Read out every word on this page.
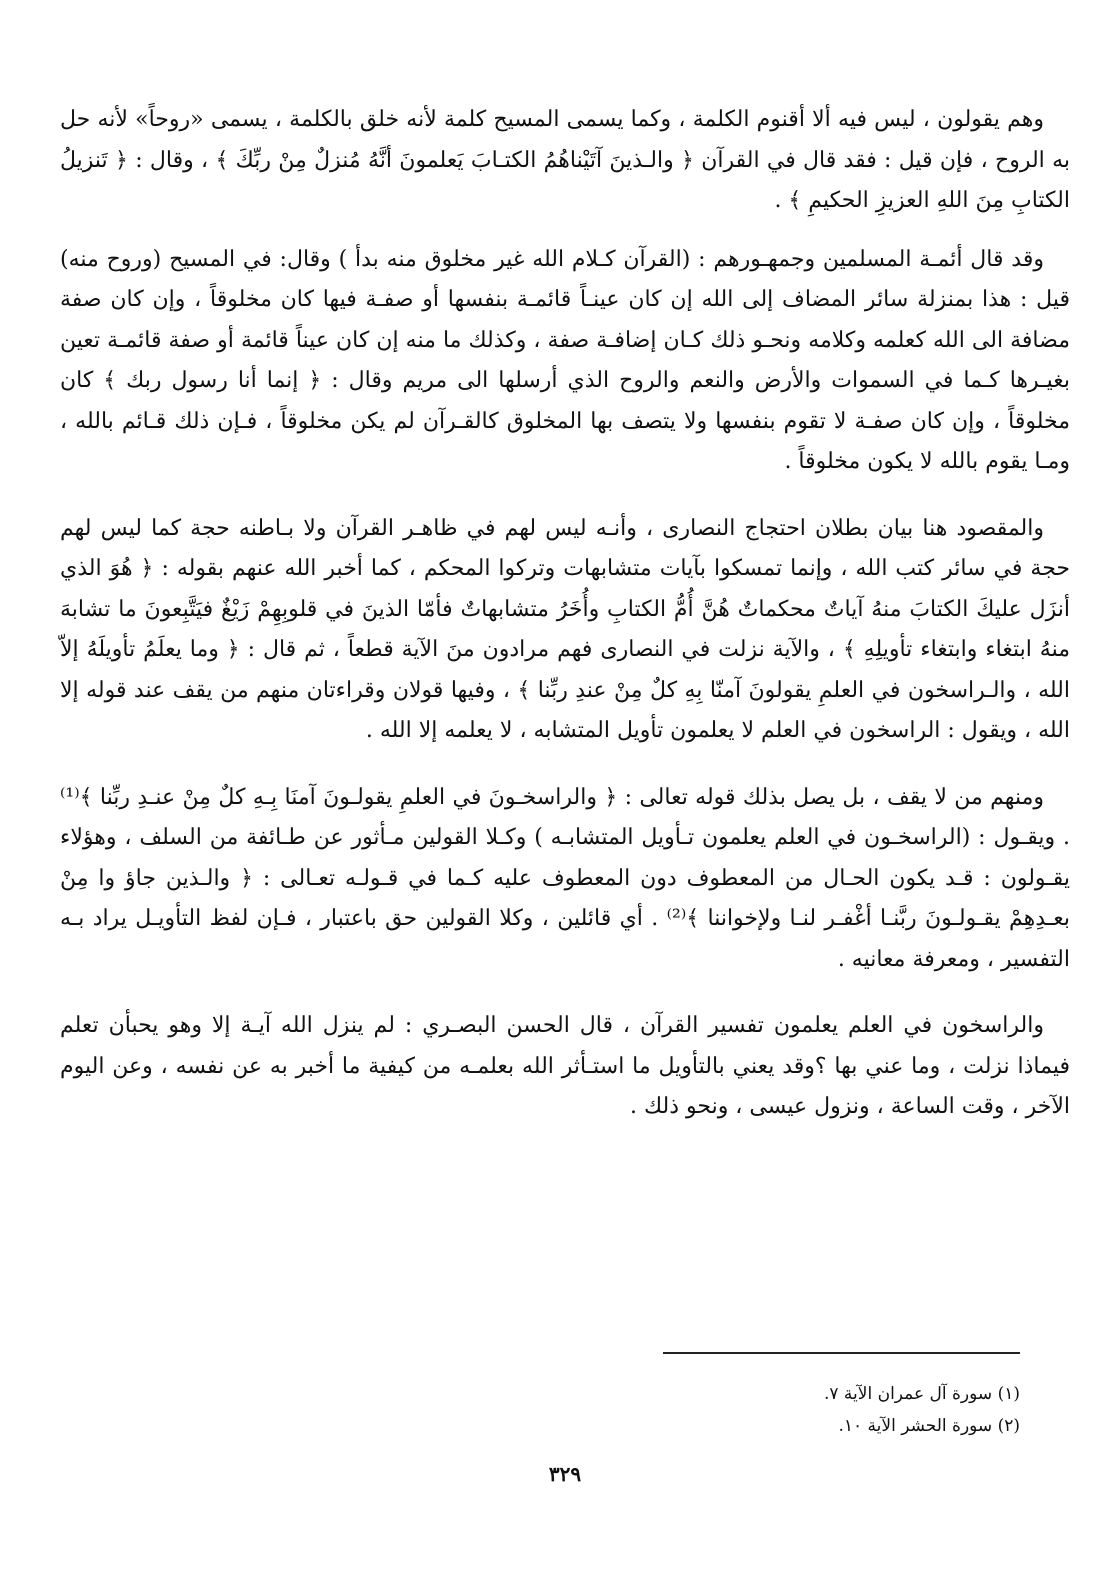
وهم يقولون ، ليس فيه ألا أقنوم الكلمة ، وكما يسمى المسيح كلمة لأنه خلق بالكلمة ، يسمى «روحاً» لأنه حل به الروح ، فإن قيل : فقد قال في القرآن ﴿ والـذينَ آتَيْناهُمُ الكتـابَ يَعلمونَ أنَّهُ مُنزلٌ مِنْ ربِّكَ ﴾ ، وقال : ﴿ تَنزيلُ الكتابِ مِنَ اللهِ العزيزِ الحكيمِ ﴾ .

وقد قال أئمـة المسلمين وجمهـورهم : (القرآن كـلام الله غير مخلوق منه بدأ ) وقال: في المسيح (وروح منه) قيل : هذا بمنزلة سائر المضاف إلى الله إن كان عينـاً قائمـة بنفسها أو صفـة فيها كان مخلوقاً ، وإن كان صفة مضافة الى الله كعلمه وكلامه ونحـو ذلك كـان إضافـة صفة ، وكذلك ما منه إن كان عيناً قائمة أو صفة قائمـة تعين بغيـرها كـما في السموات والأرض والنعم والروح الذي أرسلها الى مريم وقال : ﴿ إنما أنا رسول ربك ﴾ كان مخلوقاً ، وإن كان صفـة لا تقوم بنفسها ولا يتصف بها المخلوق كالقـرآن لم يكن مخلوقاً ، فـإن ذلك قـائم بالله ، ومـا يقوم بالله لا يكون مخلوقاً .

والمقصود هنا بيان بطلان احتجاج النصارى ، وأنـه ليس لهم في ظاهـر القرآن ولا بـاطنه حجة كما ليس لهم حجة في سائر كتب الله ، وإنما تمسكوا بآيات متشابهات وتركوا المحكم ، كما أخبر الله عنهم بقوله : ﴿ هُوَ الذي أنزَل عليكَ الكتابَ منهُ آياتٌ محكماتٌ هُنَّ أُمُّ الكتابِ وأُخَرُ متشابهاتٌ فأمّا الذينَ في قلوبِهِمْ زَيْغٌ فيَتَّبِعونَ ما تشابهَ منهُ ابتغاء وابتغاء تأويلِهِ ﴾ ، والآية نزلت في النصارى فهم مرادون منَ الآية قطعاً ، ثم قال : ﴿ وما يعلَمُ تأويلَهُ إلاّ الله ، والـراسخون في العلمِ يقولونَ آمنّا بِهِ كلٌ مِنْ عندِ ربِّنا ﴾ ، وفيها قولان وقراءتان منهم من يقف عند قوله إلا الله ، ويقول : الراسخون في العلم لا يعلمون تأويل المتشابه ، لا يعلمه إلا الله .

ومنهم من لا يقف ، بل يصل بذلك قوله تعالى : ﴿ والراسخـونَ في العلمِ يقولـونَ آمنَا بِـهِ كلٌ مِنْ عنـدِ ربِّنا ﴾⁽¹⁾ . ويقـول : (الراسخـون في العلم يعلمون تـأويل المتشابـه ) وكـلا القولين مـأثور عن طـائفة من السلف ، وهؤلاء يقـولون : قـد يكون الحـال من المعطوف دون المعطوف عليه كـما في قـولـه تعـالى : ﴿ والـذين جاؤ وا مِنْ بعـدِهِمْ يقـولـونَ ربَّنـا أغْفـر لنـا ولإخواننا ﴾⁽²⁾ . أي قائلين ، وكلا القولين حق باعتبار ، فـإن لفظ التأويـل يراد بـه التفسير ، ومعرفة معانيه .

والراسخون في العلم يعلمون تفسير القرآن ، قال الحسن البصـري : لم ينزل الله آيـة إلا وهو يحبأن تعلم فيماذا نزلت ، وما عني بها ؟وقد يعني بالتأويل ما استـأثر الله بعلمـه من كيفية ما أخبر به عن نفسه ، وعن اليوم الآخر ، وقت الساعة ، ونزول عيسى ، ونحو ذلك .

(١) سورة آل عمران الآية ٧.

(٢) سورة الحشر الآية ١٠.

٣٢٩
